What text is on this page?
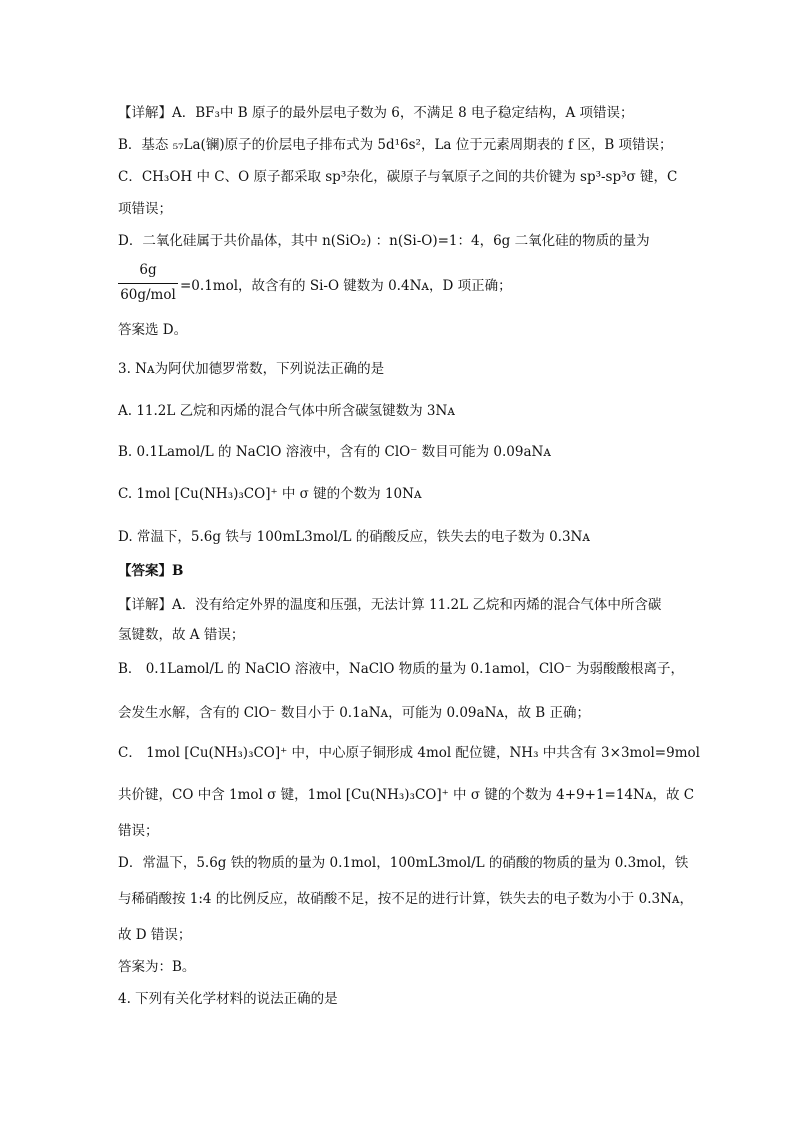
【详解】A．BF₃中 B 原子的最外层电子数为 6，不满足 8 电子稳定结构，A 项错误；
B．基态 ₅₇La(镧)原子的价层电子排布式为 5d¹6s²，La 位于元素周期表的 f 区，B 项错误；
C．CH₃OH 中 C、O 原子都采取 sp³杂化，碳原子与氧原子之间的共价键为 sp³-sp³σ 键，C
项错误；
D．二氧化硅属于共价晶体，其中 n(SiO₂) ：n(Si-O)=1：4，6g 二氧化硅的物质的量为
6g
60g/mol
=0.1mol，故含有的 Si-O 键数为 0.4Nᴀ，D 项正确；
答案选 D。
3. Nᴀ为阿伏加德罗常数，下列说法正确的是
A. 11.2L 乙烷和丙烯的混合气体中所含碳氢键数为 3Nᴀ
B. 0.1Lamol/L 的 NaClO 溶液中，含有的 ClO⁻ 数目可能为 0.09aNᴀ
C. 1mol [Cu(NH₃)₃CO]⁺ 中 σ 键的个数为 10Nᴀ
D. 常温下，5.6g 铁与 100mL3mol/L 的硝酸反应，铁失去的电子数为 0.3Nᴀ
【答案】B
【详解】A．没有给定外界的温度和压强，无法计算 11.2L 乙烷和丙烯的混合气体中所含碳
氢键数，故 A 错误；
B． 0.1Lamol/L 的 NaClO 溶液中，NaClO 物质的量为 0.1amol，ClO⁻ 为弱酸酸根离子，
会发生水解，含有的 ClO⁻ 数目小于 0.1aNᴀ，可能为 0.09aNᴀ，故 B 正确；
C． 1mol [Cu(NH₃)₃CO]⁺ 中，中心原子铜形成 4mol 配位键，NH₃ 中共含有 3×3mol=9mol
共价键，CO 中含 1mol σ 键，1mol [Cu(NH₃)₃CO]⁺ 中 σ 键的个数为 4+9+1=14Nᴀ，故 C
错误；
D．常温下，5.6g 铁的物质的量为 0.1mol，100mL3mol/L 的硝酸的物质的量为 0.3mol，铁
与稀硝酸按 1:4 的比例反应，故硝酸不足，按不足的进行计算，铁失去的电子数为小于 0.3Nᴀ，
故 D 错误；
答案为：B。
4. 下列有关化学材料的说法正确的是
